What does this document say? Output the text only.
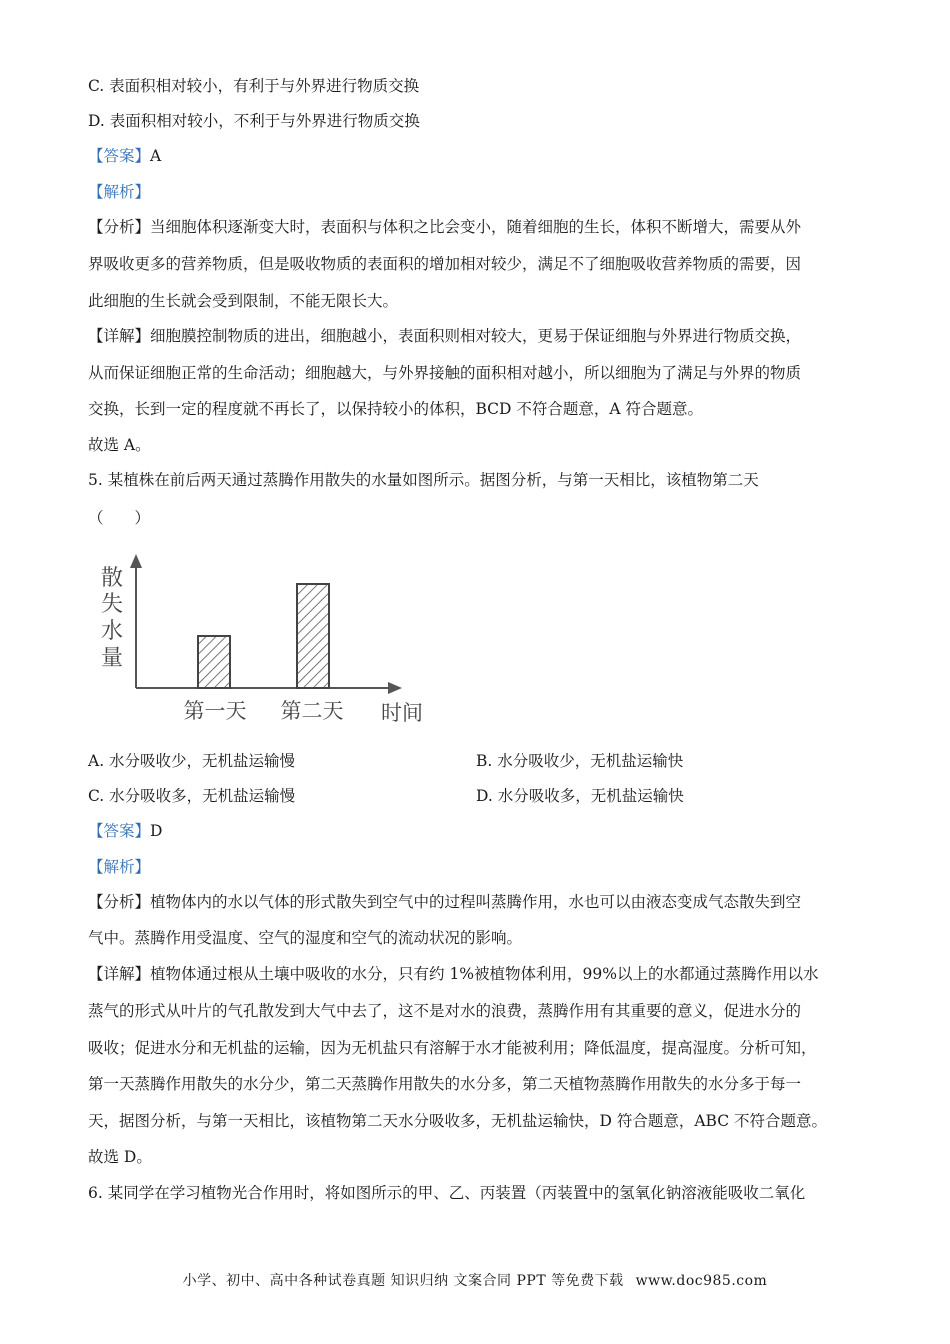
C. 表面积相对较小，有利于与外界进行物质交换
D. 表面积相对较小，不利于与外界进行物质交换
【答案】A
【解析】
【分析】当细胞体积逐渐变大时，表面积与体积之比会变小，随着细胞的生长，体积不断增大，需要从外
界吸收更多的营养物质，但是吸收物质的表面积的增加相对较少，满足不了细胞吸收营养物质的需要，因
此细胞的生长就会受到限制，不能无限长大。
【详解】细胞膜控制物质的进出，细胞越小，表面积则相对较大，更易于保证细胞与外界进行物质交换，
从而保证细胞正常的生命活动；细胞越大，与外界接触的面积相对越小，所以细胞为了满足与外界的物质
交换，长到一定的程度就不再长了，以保持较小的体积，BCD 不符合题意，A 符合题意。
故选 A。
5. 某植株在前后两天通过蒸腾作用散失的水量如图所示。据图分析，与第一天相比，该植物第二天
（　　）
散
失
水
量
第一天 第二天 时间
A. 水分吸收少，无机盐运输慢	B. 水分吸收少，无机盐运输快
C. 水分吸收多，无机盐运输慢	D. 水分吸收多，无机盐运输快
【答案】D
【解析】
【分析】植物体内的水以气体的形式散失到空气中的过程叫蒸腾作用，水也可以由液态变成气态散失到空
气中。蒸腾作用受温度、空气的湿度和空气的流动状况的影响。
【详解】植物体通过根从土壤中吸收的水分，只有约 1%被植物体利用，99%以上的水都通过蒸腾作用以水
蒸气的形式从叶片的气孔散发到大气中去了，这不是对水的浪费，蒸腾作用有其重要的意义，促进水分的
吸收；促进水分和无机盐的运输，因为无机盐只有溶解于水才能被利用；降低温度，提高湿度。分析可知，
第一天蒸腾作用散失的水分少，第二天蒸腾作用散失的水分多，第二天植物蒸腾作用散失的水分多于每一
天，据图分析，与第一天相比，该植物第二天水分吸收多，无机盐运输快，D 符合题意，ABC 不符合题意。
故选 D。
6. 某同学在学习植物光合作用时，将如图所示的甲、乙、丙装置（丙装置中的氢氧化钠溶液能吸收二氧化
小学、初中、高中各种试卷真题 知识归纳 文案合同 PPT 等免费下载 www.doc985.com
